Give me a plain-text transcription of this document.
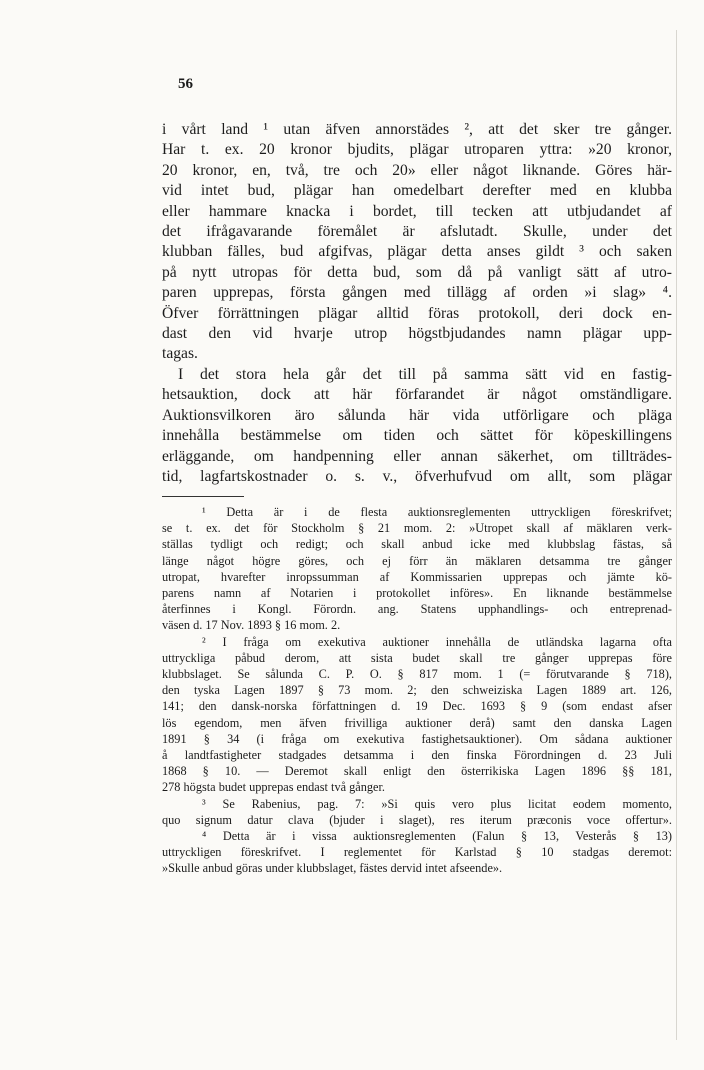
56
i vårt land ¹ utan äfven annorstädes ², att det sker tre gånger.
Har t. ex. 20 kronor bjudits, plägar utroparen yttra: »20 kronor,
20 kronor, en, två, tre och 20» eller något liknande. Göres här-
vid intet bud, plägar han omedelbart derefter med en klubba
eller hammare knacka i bordet, till tecken att utbjudandet af
det ifrågavarande föremålet är afslutadt. Skulle, under det
klubban fälles, bud afgifvas, plägar detta anses gildt ³ och saken
på nytt utropas för detta bud, som då på vanligt sätt af utro-
paren upprepas, första gången med tillägg af orden »i slag» ⁴.
Öfver förrättningen plägar alltid föras protokoll, deri dock en-
dast den vid hvarje utrop högstbjudandes namn plägar upp-
tagas.
I det stora hela går det till på samma sätt vid en fastig-
hetsauktion, dock att här förfarandet är något omständligare.
Auktionsvilkoren äro sålunda här vida utförligare och pläga
innehålla bestämmelse om tiden och sättet för köpeskillingens
erläggande, om handpenning eller annan säkerhet, om tillträdes-
tid, lagfartskostnader o. s. v., öfverhufvud om allt, som plägar
¹ Detta är i de flesta auktionsreglementen uttryckligen föreskrifvet;
se t. ex. det för Stockholm § 21 mom. 2: »Utropet skall af mäklaren verk-
ställas tydligt och redigt; och skall anbud icke med klubbslag fästas, så
länge något högre göres, och ej förr än mäklaren detsamma tre gånger
utropat, hvarefter inropssumman af Kommissarien upprepas och jämte kö-
parens namn af Notarien i protokollet införes». En liknande bestämmelse
återfinnes i Kongl. Förordn. ang. Statens upphandlings- och entreprenad-
väsen d. 17 Nov. 1893 § 16 mom. 2.
² I fråga om exekutiva auktioner innehålla de utländska lagarna ofta
uttryckliga påbud derom, att sista budet skall tre gånger upprepas före
klubbslaget. Se sålunda C. P. O. § 817 mom. 1 (= förutvarande § 718),
den tyska Lagen 1897 § 73 mom. 2; den schweiziska Lagen 1889 art. 126,
141; den dansk-norska författningen d. 19 Dec. 1693 § 9 (som endast afser
lös egendom, men äfven frivilliga auktioner derå) samt den danska Lagen
1891 § 34 (i fråga om exekutiva fastighetsauktioner). Om sådana auktioner
å landtfastigheter stadgades detsamma i den finska Förordningen d. 23 Juli
1868 § 10. — Deremot skall enligt den österrikiska Lagen 1896 §§ 181,
278 högsta budet upprepas endast två gånger.
³ Se Rabenius, pag. 7: »Si quis vero plus licitat eodem momento,
quo signum datur clava (bjuder i slaget), res iterum præconis voce offertur».
⁴ Detta är i vissa auktionsreglementen (Falun § 13, Vesterås § 13)
uttryckligen föreskrifvet. I reglementet för Karlstad § 10 stadgas deremot:
»Skulle anbud göras under klubbslaget, fästes dervid intet afseende».
